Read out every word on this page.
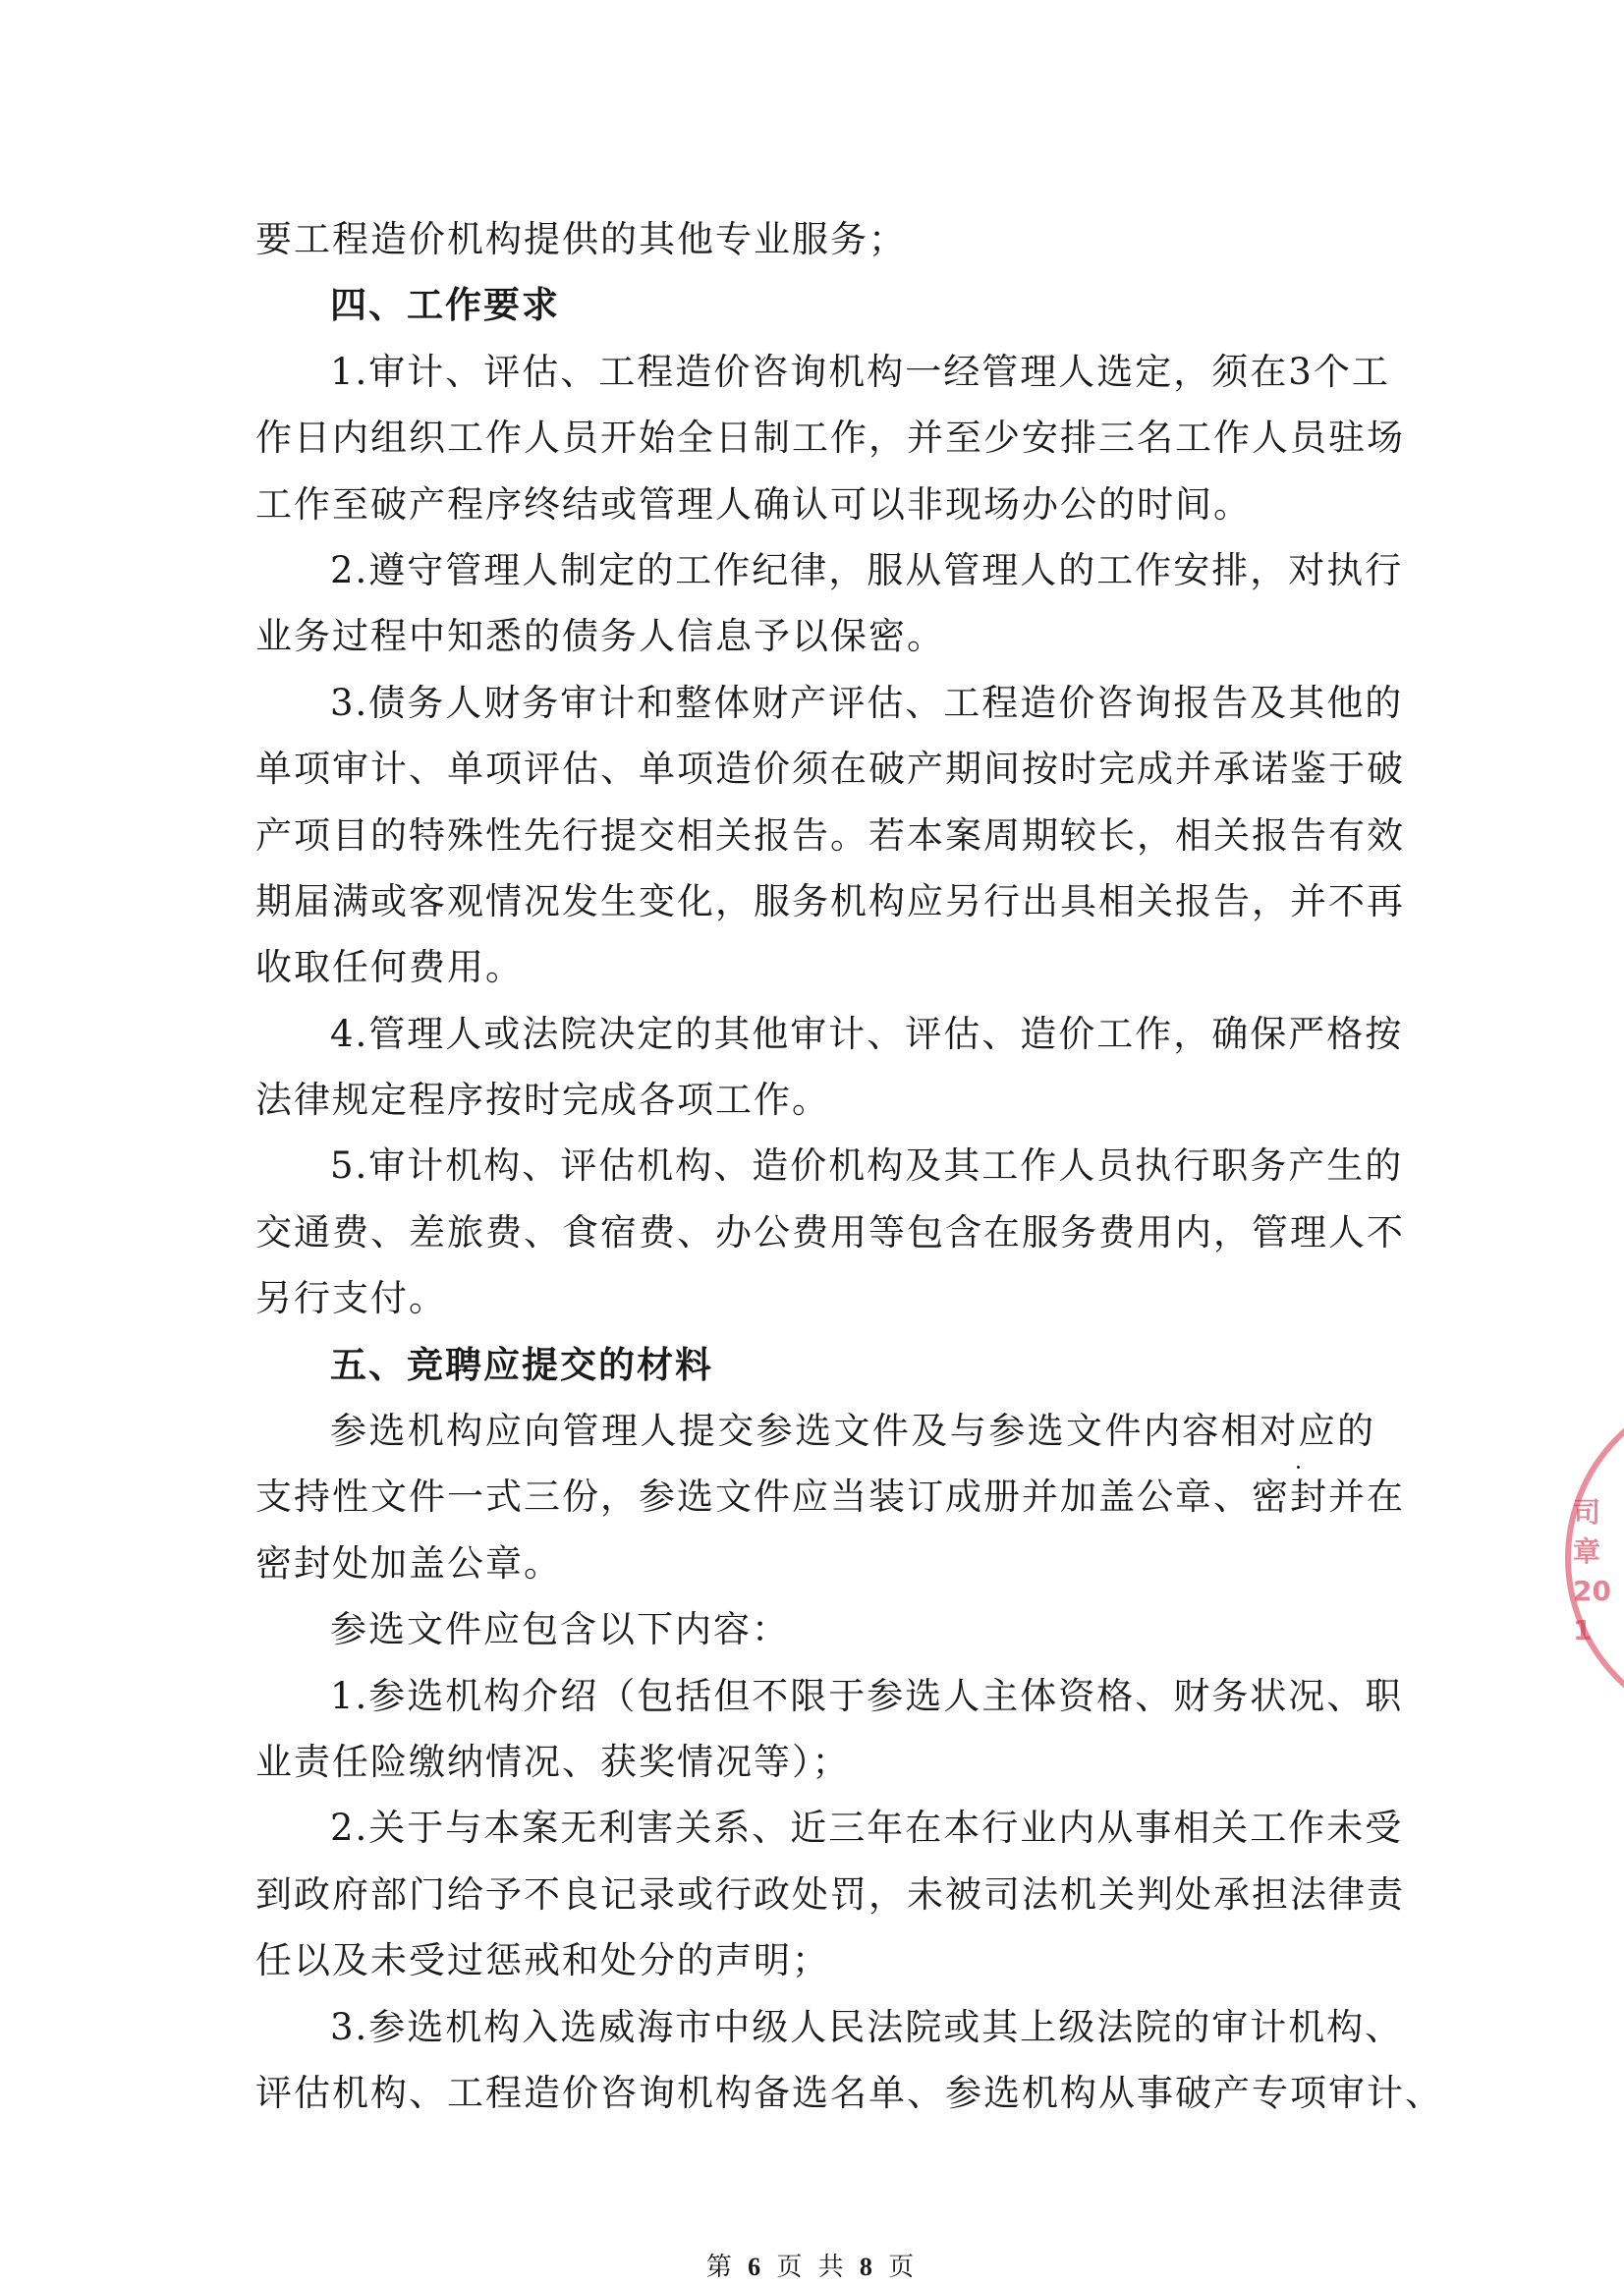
要工程造价机构提供的其他专业服务；
四、工作要求
1.审计、评估、工程造价咨询机构一经管理人选定，须在3个工
作日内组织工作人员开始全日制工作，并至少安排三名工作人员驻场
工作至破产程序终结或管理人确认可以非现场办公的时间。
2.遵守管理人制定的工作纪律，服从管理人的工作安排，对执行
业务过程中知悉的债务人信息予以保密。
3.债务人财务审计和整体财产评估、工程造价咨询报告及其他的
单项审计、单项评估、单项造价须在破产期间按时完成并承诺鉴于破
产项目的特殊性先行提交相关报告。若本案周期较长，相关报告有效
期届满或客观情况发生变化，服务机构应另行出具相关报告，并不再
收取任何费用。
4.管理人或法院决定的其他审计、评估、造价工作，确保严格按
法律规定程序按时完成各项工作。
5.审计机构、评估机构、造价机构及其工作人员执行职务产生的
交通费、差旅费、食宿费、办公费用等包含在服务费用内，管理人不
另行支付。
五、竞聘应提交的材料
参选机构应向管理人提交参选文件及与参选文件内容相对应的
支持性文件一式三份，参选文件应当装订成册并加盖公章、密封并在
密封处加盖公章。
参选文件应包含以下内容：
1.参选机构介绍（包括但不限于参选人主体资格、财务状况、职
业责任险缴纳情况、获奖情况等）；
2.关于与本案无利害关系、近三年在本行业内从事相关工作未受
到政府部门给予不良记录或行政处罚，未被司法机关判处承担法律责
任以及未受过惩戒和处分的声明；
3.参选机构入选威海市中级人民法院或其上级法院的审计机构、
评估机构、工程造价咨询机构备选名单、参选机构从事破产专项审计、
司章201
第 6 页 共 8 页
